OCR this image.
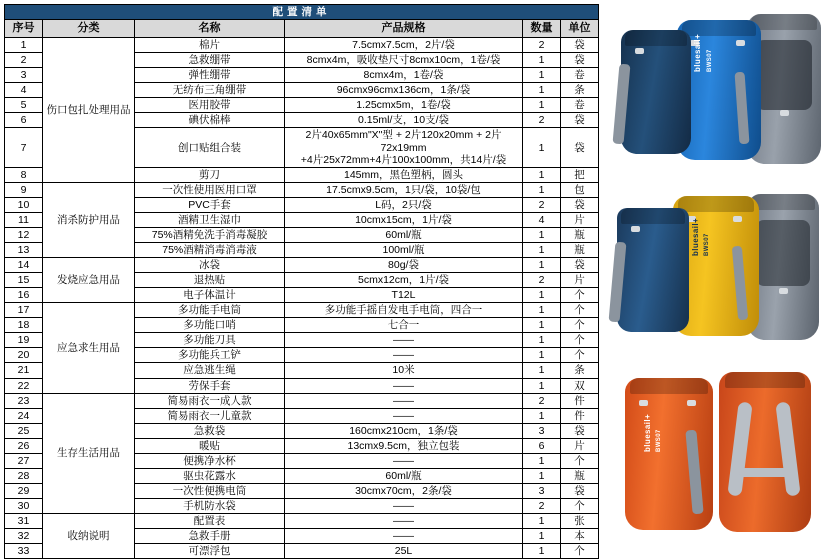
配置清单					
序号	分类	名称	产品规格	数量	单位
1	伤口包扎处理用品	棉片	7.5cmx7.5cm，2片/袋	2	袋
2		急救绷带	8cmx4m，吸收垫尺寸8cmx10cm，1卷/袋	1	袋
3		弹性绷带	8cmx4m，1卷/袋	1	卷
4		无纺布三角绷带	96cmx96cmx136cm，1条/袋	1	条
5		医用胶带	1.25cmx5m，1卷/袋	1	卷
6		碘伏棉棒	0.15ml/支，10支/袋	2	袋
7		创口贴组合装	2片40x65mm"X"型 + 2片120x20mm + 2片72x19mm
+4片25x72mm+4片100x100mm，共14片/袋	1	袋
8		剪刀	145mm，黑色塑柄，圆头	1	把
9	消杀防护用品	一次性使用医用口罩	17.5cmx9.5cm，1只/袋，10袋/包	1	包
10		PVC手套	L码，2只/袋	2	袋
11		酒精卫生湿巾	10cmx15cm，1片/袋	4	片
12		75%酒精免洗手消毒凝胶	60ml/瓶	1	瓶
13		75%酒精消毒消毒液	100ml/瓶	1	瓶
14	发烧应急用品	冰袋	80g/袋	1	袋
15		退热贴	5cmx12cm，1片/袋	2	片
16		电子体温计	T12L	1	个
17	应急求生用品	多功能手电筒	多功能手摇自发电手电筒，四合一	1	个
18		多功能口哨	七合一	1	个
19		多功能刀具	——	1	个
20		多功能兵工铲	——	1	个
21		应急逃生绳	10米	1	条
22		劳保手套	——	1	双
23	生存生活用品	简易雨衣一成人款	——	2	件
24		简易雨衣一儿童款	——	1	件
25		急救袋	160cmx210cm，1条/袋	3	袋
26		暖贴	13cmx9.5cm，独立包装	6	片
27		便携净水杯	——	1	个
28		驱虫花露水	60ml/瓶	1	瓶
29		一次性便携电筒	30cmx70cm，2条/袋	3	袋
30		手机防水袋	——	2	个
31	收纳说明	配置表	——	1	张
32		急救手册	——	1	本
33		可漂浮包	25L	1	个
bluesail+ BWS07
bluesail+ BWS07
bluesail+ BWS07
